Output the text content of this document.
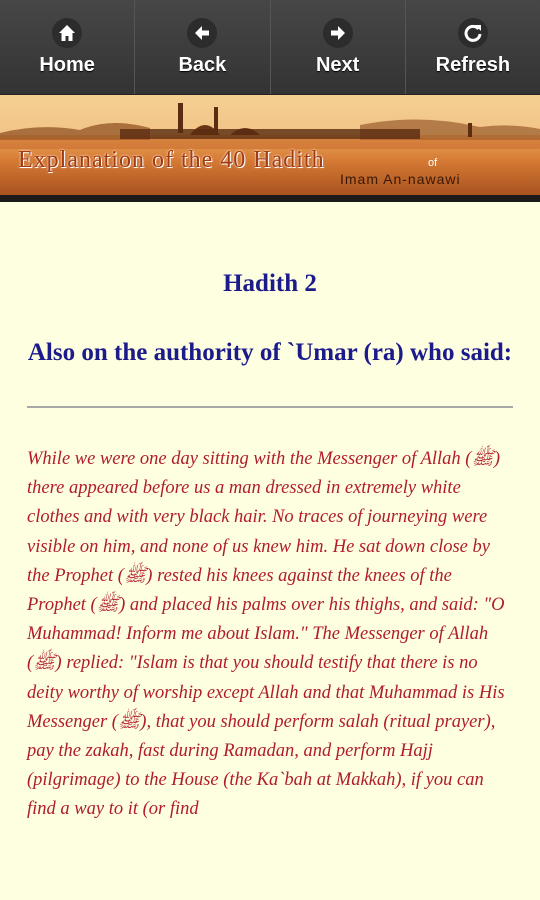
Home	Back	Next	Refresh
Explanation of the 40 Hadith	of
Imam An-nawawi
Hadith 2
Also on the authority of `Umar (ra) who said:
While we were one day sitting with the Messenger of Allah (ﷺ) there appeared before us a man dressed in extremely white clothes and with very black hair. No traces of journeying were visible on him, and none of us knew him. He sat down close by the Prophet (ﷺ) rested his knees against the knees of the Prophet (ﷺ) and placed his palms over his thighs, and said: "O Muhammad! Inform me about Islam." The Messenger of Allah (ﷺ) replied: "Islam is that you should testify that there is no deity worthy of worship except Allah and that Muhammad is His Messenger (ﷺ), that you should perform salah (ritual prayer), pay the zakah, fast during Ramadan, and perform Hajj (pilgrimage) to the House (the Ka`bah at Makkah), if you can find a way to it (or find
